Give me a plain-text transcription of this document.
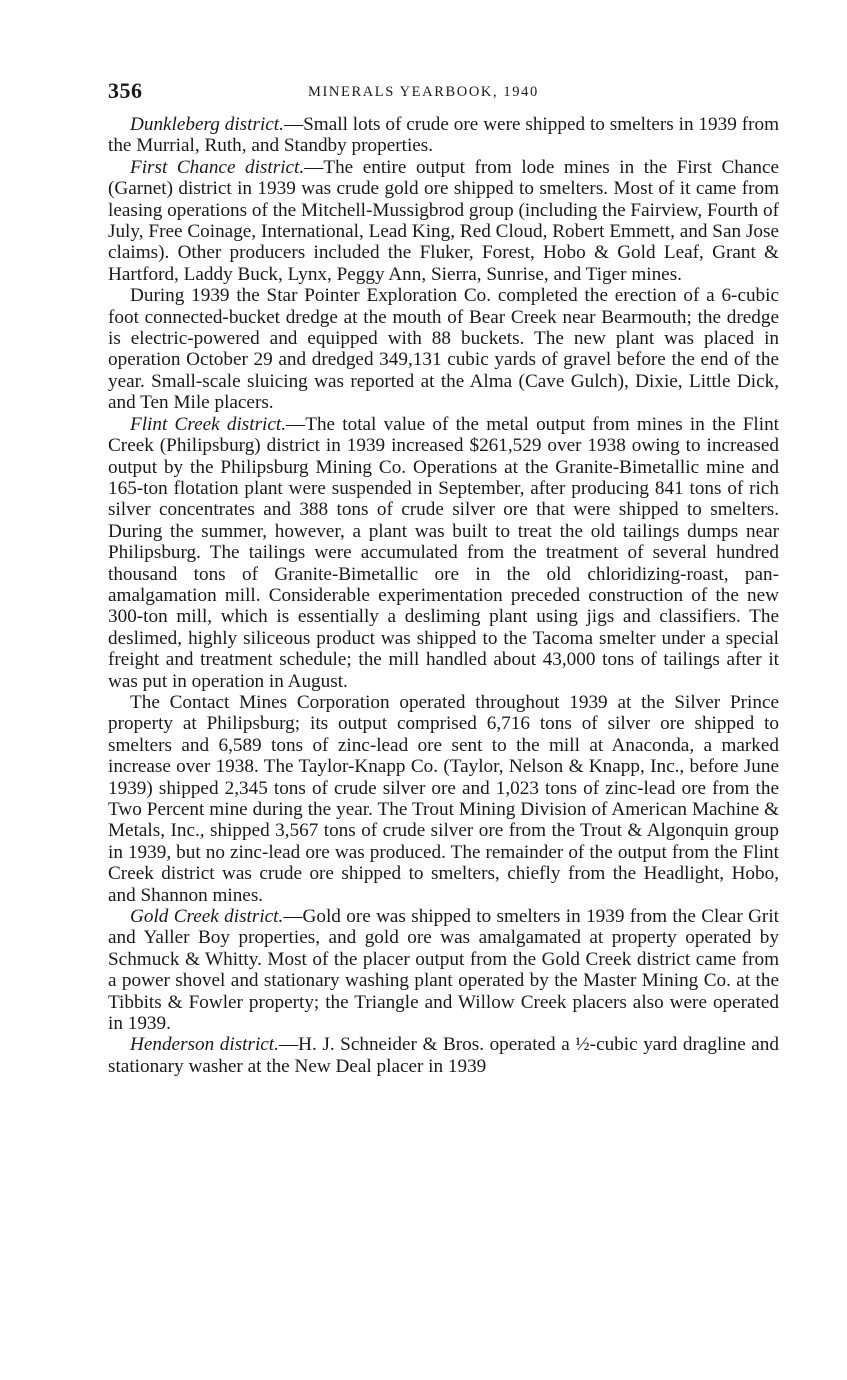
356	MINERALS YEARBOOK, 1940

Dunkleberg district.—Small lots of crude ore were shipped to smelters in 1939 from the Murrial, Ruth, and Standby properties.

First Chance district.—The entire output from lode mines in the First Chance (Garnet) district in 1939 was crude gold ore shipped to smelters. Most of it came from leasing operations of the Mitchell-Mussigbrod group (including the Fairview, Fourth of July, Free Coinage, International, Lead King, Red Cloud, Robert Emmett, and San Jose claims). Other producers included the Fluker, Forest, Hobo & Gold Leaf, Grant & Hartford, Laddy Buck, Lynx, Peggy Ann, Sierra, Sunrise, and Tiger mines.

During 1939 the Star Pointer Exploration Co. completed the erection of a 6-cubic foot connected-bucket dredge at the mouth of Bear Creek near Bearmouth; the dredge is electric-powered and equipped with 88 buckets. The new plant was placed in operation October 29 and dredged 349,131 cubic yards of gravel before the end of the year. Small-scale sluicing was reported at the Alma (Cave Gulch), Dixie, Little Dick, and Ten Mile placers.

Flint Creek district.—The total value of the metal output from mines in the Flint Creek (Philipsburg) district in 1939 increased $261,529 over 1938 owing to increased output by the Philipsburg Mining Co. Operations at the Granite-Bimetallic mine and 165-ton flotation plant were suspended in September, after producing 841 tons of rich silver concentrates and 388 tons of crude silver ore that were shipped to smelters. During the summer, however, a plant was built to treat the old tailings dumps near Philipsburg. The tailings were accumulated from the treatment of several hundred thousand tons of Granite-Bimetallic ore in the old chloridizing-roast, pan-amalgamation mill. Considerable experimentation preceded construction of the new 300-ton mill, which is essentially a desliming plant using jigs and classifiers. The deslimed, highly siliceous product was shipped to the Tacoma smelter under a special freight and treatment schedule; the mill handled about 43,000 tons of tailings after it was put in operation in August.

The Contact Mines Corporation operated throughout 1939 at the Silver Prince property at Philipsburg; its output comprised 6,716 tons of silver ore shipped to smelters and 6,589 tons of zinc-lead ore sent to the mill at Anaconda, a marked increase over 1938. The Taylor-Knapp Co. (Taylor, Nelson & Knapp, Inc., before June 1939) shipped 2,345 tons of crude silver ore and 1,023 tons of zinc-lead ore from the Two Percent mine during the year. The Trout Mining Division of American Machine & Metals, Inc., shipped 3,567 tons of crude silver ore from the Trout & Algonquin group in 1939, but no zinc-lead ore was produced. The remainder of the output from the Flint Creek district was crude ore shipped to smelters, chiefly from the Headlight, Hobo, and Shannon mines.

Gold Creek district.—Gold ore was shipped to smelters in 1939 from the Clear Grit and Yaller Boy properties, and gold ore was amalgamated at property operated by Schmuck & Whitty. Most of the placer output from the Gold Creek district came from a power shovel and stationary washing plant operated by the Master Mining Co. at the Tibbits & Fowler property; the Triangle and Willow Creek placers also were operated in 1939.

Henderson district.—H. J. Schneider & Bros. operated a ½-cubic yard dragline and stationary washer at the New Deal placer in 1939
